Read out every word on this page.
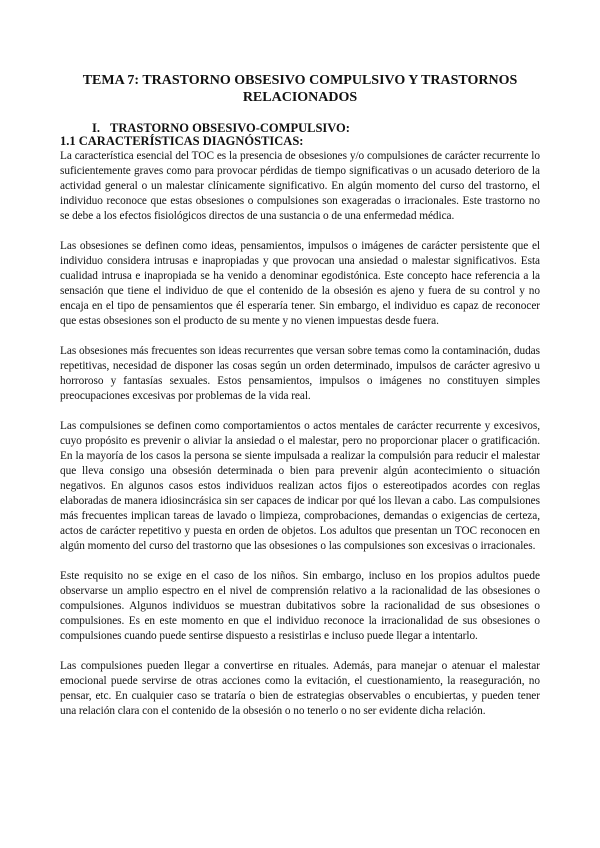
TEMA 7: TRASTORNO OBSESIVO COMPULSIVO Y TRASTORNOS RELACIONADOS
I. TRASTORNO OBSESIVO-COMPULSIVO:
1.1 CARACTERÍSTICAS DIAGNÓSTICAS:

La característica esencial del TOC es la presencia de obsesiones y/o compulsiones de carácter recurrente lo suficientemente graves como para provocar pérdidas de tiempo significativas o un acusado deterioro de la actividad general o un malestar clínicamente significativo. En algún momento del curso del trastorno, el individuo reconoce que estas obsesiones o compulsiones son exageradas o irracionales. Este trastorno no se debe a los efectos fisiológicos directos de una sustancia o de una enfermedad médica.

Las obsesiones se definen como ideas, pensamientos, impulsos o imágenes de carácter persistente que el individuo considera intrusas e inapropiadas y que provocan una ansiedad o malestar significativos. Esta cualidad intrusa e inapropiada se ha venido a denominar egodistónica. Este concepto hace referencia a la sensación que tiene el individuo de que el contenido de la obsesión es ajeno y fuera de su control y no encaja en el tipo de pensamientos que él esperaría tener. Sin embargo, el individuo es capaz de reconocer que estas obsesiones son el producto de su mente y no vienen impuestas desde fuera.

Las obsesiones más frecuentes son ideas recurrentes que versan sobre temas como la contaminación, dudas repetitivas, necesidad de disponer las cosas según un orden determinado, impulsos de carácter agresivo u horroroso y fantasías sexuales. Estos pensamientos, impulsos o imágenes no constituyen simples preocupaciones excesivas por problemas de la vida real.

Las compulsiones se definen como comportamientos o actos mentales de carácter recurrente y excesivos, cuyo propósito es prevenir o aliviar la ansiedad o el malestar, pero no proporcionar placer o gratificación. En la mayoría de los casos la persona se siente impulsada a realizar la compulsión para reducir el malestar que lleva consigo una obsesión determinada o bien para prevenir algún acontecimiento o situación negativos. En algunos casos estos individuos realizan actos fijos o estereotipados acordes con reglas elaboradas de manera idiosincrásica sin ser capaces de indicar por qué los llevan a cabo. Las compulsiones más frecuentes implican tareas de lavado o limpieza, comprobaciones, demandas o exigencias de certeza, actos de carácter repetitivo y puesta en orden de objetos. Los adultos que presentan un TOC reconocen en algún momento del curso del trastorno que las obsesiones o las compulsiones son excesivas o irracionales.

Este requisito no se exige en el caso de los niños. Sin embargo, incluso en los propios adultos puede observarse un amplio espectro en el nivel de comprensión relativo a la racionalidad de las obsesiones o compulsiones. Algunos individuos se muestran dubitativos sobre la racionalidad de sus obsesiones o compulsiones. Es en este momento en que el individuo reconoce la irracionalidad de sus obsesiones o compulsiones cuando puede sentirse dispuesto a resistirlas e incluso puede llegar a intentarlo.

Las compulsiones pueden llegar a convertirse en rituales. Además, para manejar o atenuar el malestar emocional puede servirse de otras acciones como la evitación, el cuestionamiento, la reaseguración, no pensar, etc. En cualquier caso se trataría o bien de estrategias observables o encubiertas, y pueden tener una relación clara con el contenido de la obsesión o no tenerlo o no ser evidente dicha relación.
